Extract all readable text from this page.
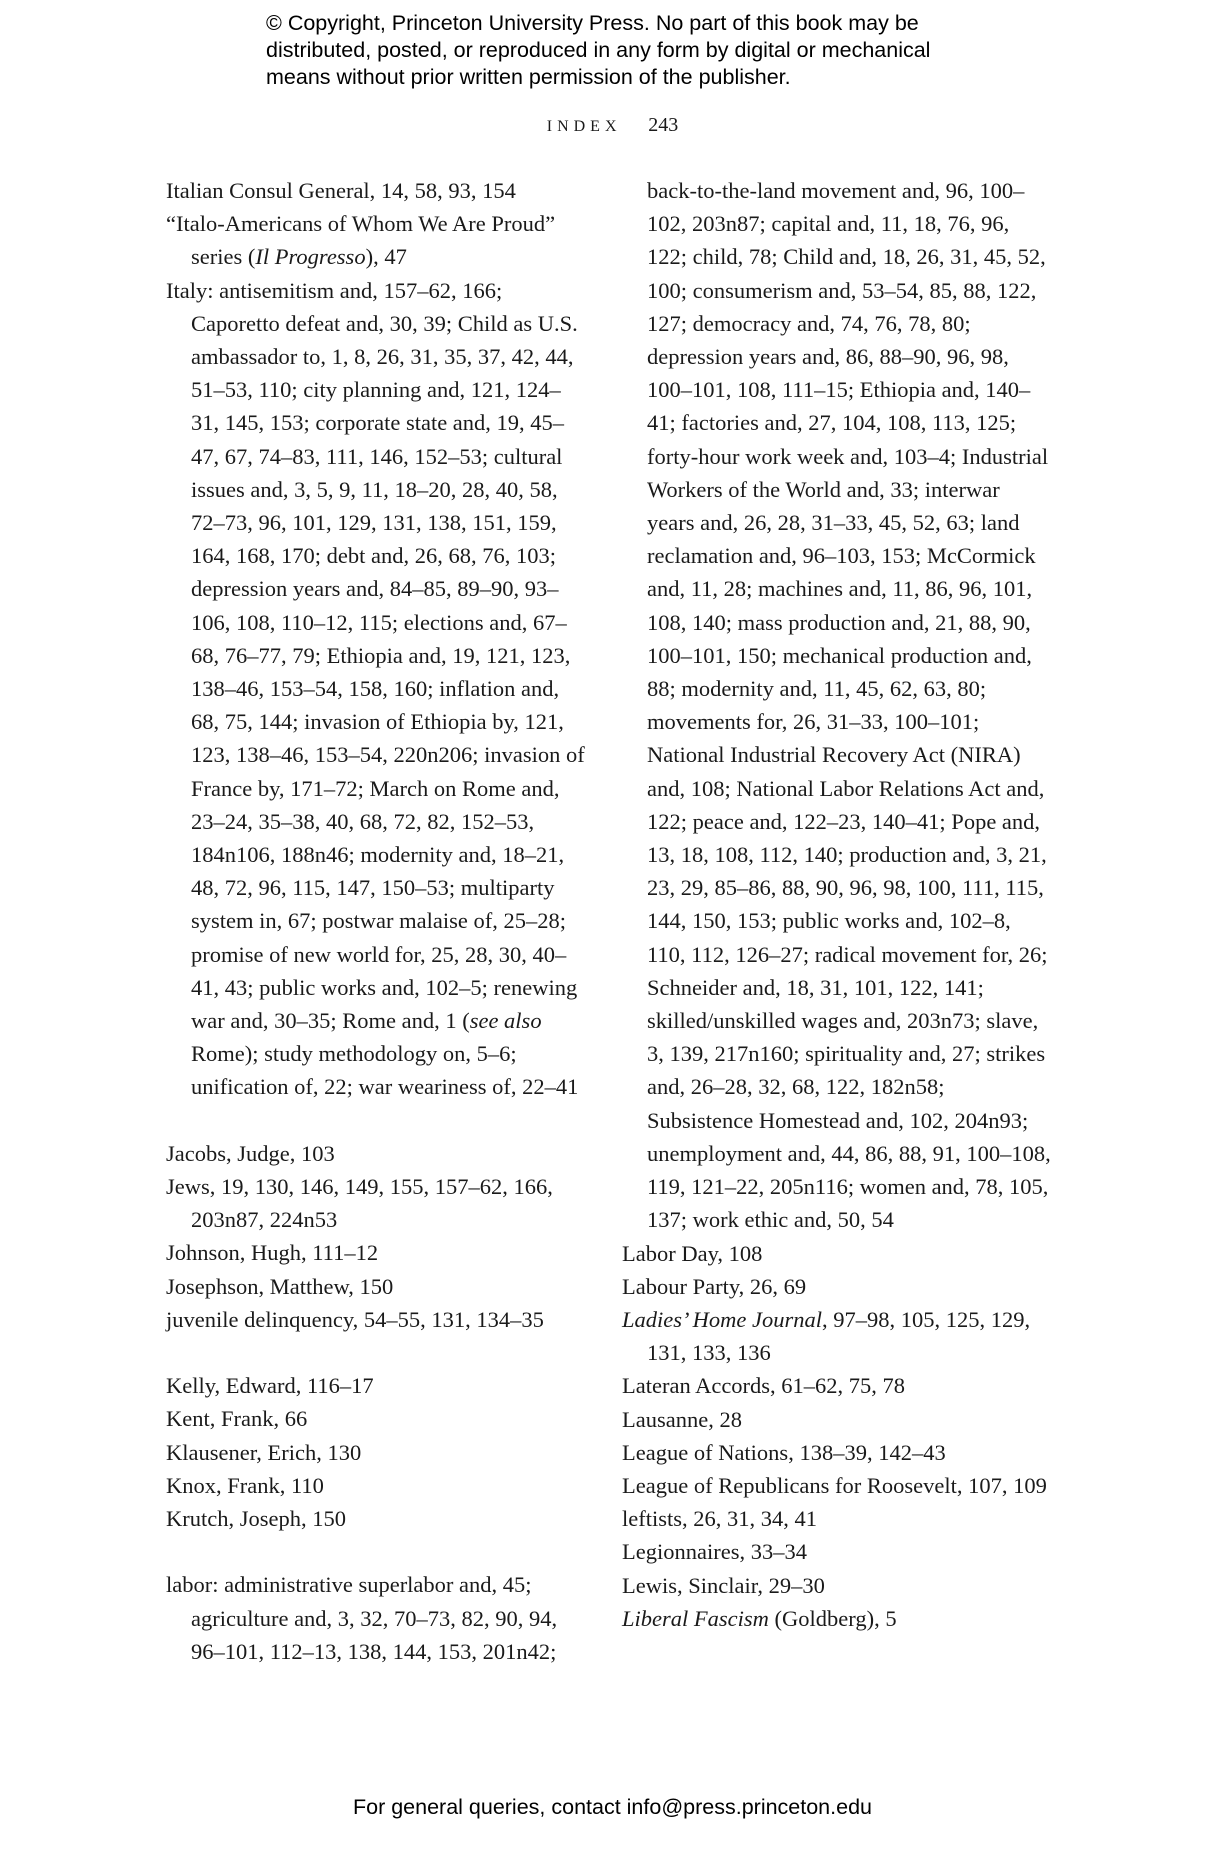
© Copyright, Princeton University Press. No part of this book may be
distributed, posted, or reproduced in any form by digital or mechanical
means without prior written permission of the publisher.
INDEX 243

Italian Consul General, 14, 58, 93, 154

“Italo-Americans of Whom We Are Proud” series (Il Progresso), 47

Italy: antisemitism and, 157–62, 166; Caporetto defeat and, 30, 39; Child as U.S. ambassador to, 1, 8, 26, 31, 35, 37, 42, 44, 51–53, 110; city planning and, 121, 124–31, 145, 153; corporate state and, 19, 45–47, 67, 74–83, 111, 146, 152–53; cultural issues and, 3, 5, 9, 11, 18–20, 28, 40, 58, 72–73, 96, 101, 129, 131, 138, 151, 159, 164, 168, 170; debt and, 26, 68, 76, 103; depression years and, 84–85, 89–90, 93–106, 108, 110–12, 115; elections and, 67–68, 76–77, 79; Ethiopia and, 19, 121, 123, 138–46, 153–54, 158, 160; inflation and, 68, 75, 144; invasion of Ethiopia by, 121, 123, 138–46, 153–54, 220n206; invasion of France by, 171–72; March on Rome and, 23–24, 35–38, 40, 68, 72, 82, 152–53, 184n106, 188n46; modernity and, 18–21, 48, 72, 96, 115, 147, 150–53; multiparty system in, 67; postwar malaise of, 25–28; promise of new world for, 25, 28, 30, 40–41, 43; public works and, 102–5; renewing war and, 30–35; Rome and, 1 (see also Rome); study methodology on, 5–6; unification of, 22; war weariness of, 22–41

Jacobs, Judge, 103

Jews, 19, 130, 146, 149, 155, 157–62, 166, 203n87, 224n53

Johnson, Hugh, 111–12

Josephson, Matthew, 150

juvenile delinquency, 54–55, 131, 134–35

Kelly, Edward, 116–17

Kent, Frank, 66

Klausener, Erich, 130

Knox, Frank, 110

Krutch, Joseph, 150

labor: administrative superlabor and, 45; agriculture and, 3, 32, 70–73, 82, 90, 94, 96–101, 112–13, 138, 144, 153, 201n42;

back-to-the-land movement and, 96, 100–102, 203n87; capital and, 11, 18, 76, 96, 122; child, 78; Child and, 18, 26, 31, 45, 52, 100; consumerism and, 53–54, 85, 88, 122, 127; democracy and, 74, 76, 78, 80; depression years and, 86, 88–90, 96, 98, 100–101, 108, 111–15; Ethiopia and, 140–41; factories and, 27, 104, 108, 113, 125; forty-hour work week and, 103–4; Industrial Workers of the World and, 33; interwar years and, 26, 28, 31–33, 45, 52, 63; land reclamation and, 96–103, 153; McCormick and, 11, 28; machines and, 11, 86, 96, 101, 108, 140; mass production and, 21, 88, 90, 100–101, 150; mechanical production and, 88; modernity and, 11, 45, 62, 63, 80; movements for, 26, 31–33, 100–101; National Industrial Recovery Act (NIRA) and, 108; National Labor Relations Act and, 122; peace and, 122–23, 140–41; Pope and, 13, 18, 108, 112, 140; production and, 3, 21, 23, 29, 85–86, 88, 90, 96, 98, 100, 111, 115, 144, 150, 153; public works and, 102–8, 110, 112, 126–27; radical movement for, 26; Schneider and, 18, 31, 101, 122, 141; skilled/unskilled wages and, 203n73; slave, 3, 139, 217n160; spirituality and, 27; strikes and, 26–28, 32, 68, 122, 182n58; Subsistence Homestead and, 102, 204n93; unemployment and, 44, 86, 88, 91, 100–108, 119, 121–22, 205n116; women and, 78, 105, 137; work ethic and, 50, 54

Labor Day, 108

Labour Party, 26, 69

Ladies’ Home Journal, 97–98, 105, 125, 129, 131, 133, 136

Lateran Accords, 61–62, 75, 78

Lausanne, 28

League of Nations, 138–39, 142–43

League of Republicans for Roosevelt, 107, 109

leftists, 26, 31, 34, 41

Legionnaires, 33–34

Lewis, Sinclair, 29–30

Liberal Fascism (Goldberg), 5

For general queries, contact info@press.princeton.edu
